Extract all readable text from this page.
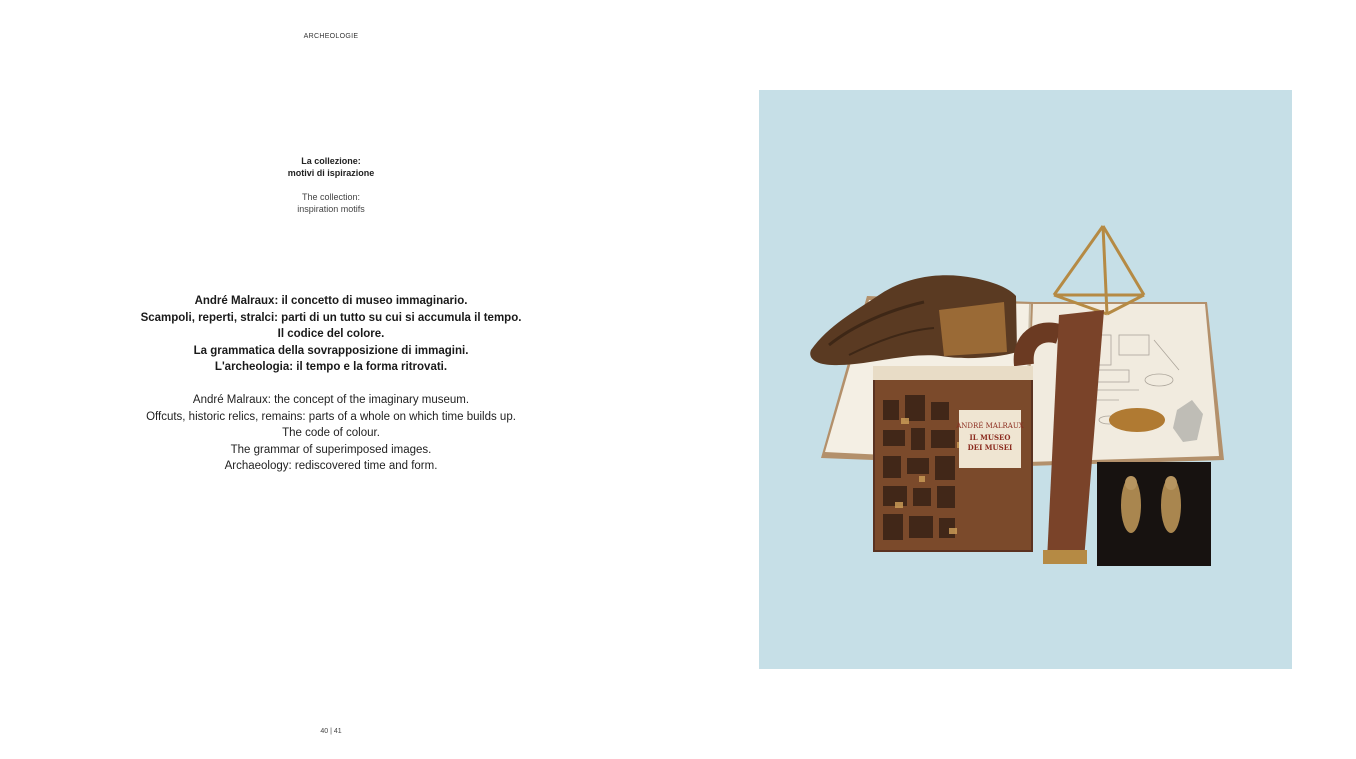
ARCHEOLOGIE
La collezione:
motivi di ispirazione
The collection:
inspiration motifs
André Malraux: il concetto di museo immaginario.
Scampoli, reperti, stralci: parti di un tutto su cui si accumula il tempo.
Il codice del colore.
La grammatica della sovrapposizione di immagini.
L'archeologia: il tempo e la forma ritrovati.
André Malraux: the concept of the imaginary museum.
Offcuts, historic relics, remains: parts of a whole on which time builds up.
The code of colour.
The grammar of superimposed images.
Archaeology: rediscovered time and form.
40 | 41
ANDRÉ MALRAUX
IL MUSEO
DEI MUSEI
